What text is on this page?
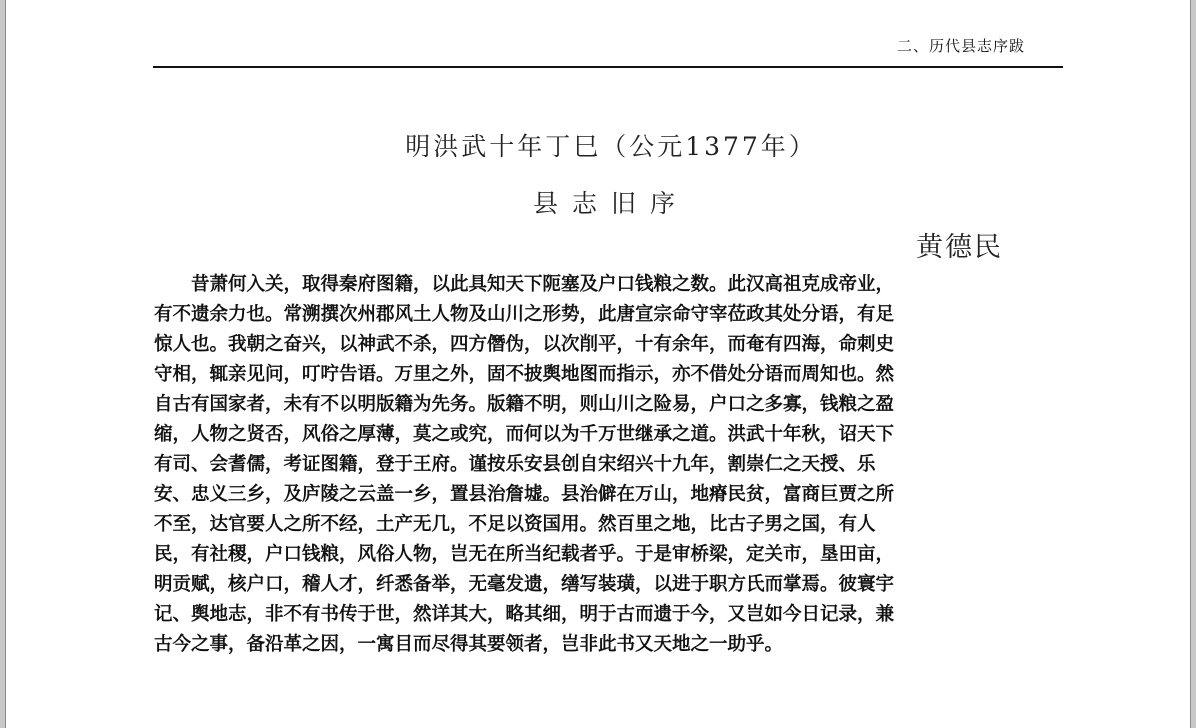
二、历代县志序跋
明洪武十年丁巳（公元1377年）
县志旧序
黄德民
昔萧何入关，取得秦府图籍，以此具知天下阨塞及户口钱粮之数。此汉高祖克成帝业，
有不遗余力也。常溯撰次州郡风土人物及山川之形势，此唐宣宗命守宰莅政其处分语，有足
惊人也。我朝之奋兴，以神武不杀，四方僭伪，以次削平，十有余年，而奄有四海，命刺史
守相，辄亲见问，叮咛告语。万里之外，固不披舆地图而指示，亦不借处分语而周知也。然
自古有国家者，未有不以明版籍为先务。版籍不明，则山川之险易，户口之多寡，钱粮之盈
缩，人物之贤否，风俗之厚薄，莫之或究，而何以为千万世继承之道。洪武十年秋，诏天下
有司、会耆儒，考证图籍，登于王府。谨按乐安县创自宋绍兴十九年，割崇仁之天授、乐
安、忠义三乡，及庐陵之云盖一乡，置县治詹墟。县治僻在万山，地瘠民贫，富商巨贾之所
不至，达官要人之所不经，土产无几，不足以资国用。然百里之地，比古子男之国，有人
民，有社稷，户口钱粮，风俗人物，岂无在所当纪载者乎。于是审桥梁，定关市，垦田亩，
明贡赋，核户口，稽人才，纤悉备举，无毫发遗，缮写装璜，以进于职方氏而掌焉。彼寰宇
记、舆地志，非不有书传于世，然详其大，略其细，明于古而遗于今，又岂如今日记录，兼
古今之事，备沿革之因，一寓目而尽得其要领者，岂非此书又天地之一助乎。
